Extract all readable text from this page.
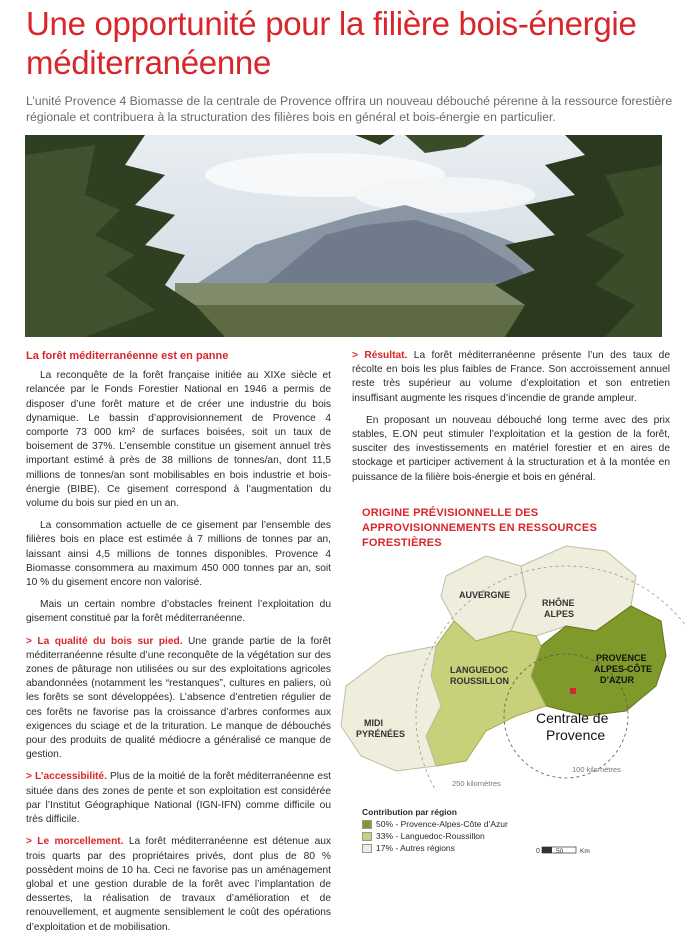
Une opportunité pour la filière bois-énergie méditerranéenne
L’unité Provence 4 Biomasse de la centrale de Provence offrira un nouveau débouché pérenne à la ressource forestière régionale et contribuera à la structuration des filières bois en général et bois-énergie en particulier.
La forêt méditerranéenne est en panne

La reconquête de la forêt française initiée au XIXe siècle et relancée par le Fonds Forestier National en 1946 a permis de disposer d’une forêt mature et de créer une industrie du bois dynamique. Le bassin d’approvisionnement de Provence 4 comporte 73 000 km² de surfaces boisées, soit un taux de boisement de 37%. L’ensemble constitue un gisement annuel très important estimé à près de 38 millions de tonnes/an, dont 11,5 millions de tonnes/an sont mobilisables en bois industrie et bois-énergie (BIBE). Ce gisement correspond à l’augmentation du volume du bois sur pied en un an.

La consommation actuelle de ce gisement par l’ensemble des filières bois en place est estimée à 7 millions de tonnes par an, laissant ainsi 4,5 millions de tonnes disponibles. Provence 4 Biomasse consommera au maximum 450 000 tonnes par an, soit 10 % du gisement encore non valorisé.

Mais un certain nombre d’obstacles freinent l’exploitation du gisement constitué par la forêt méditerranéenne.

> La qualité du bois sur pied. Une grande partie de la forêt méditerranéenne résulte d’une reconquête de la végétation sur des zones de pâturage non utilisées ou sur des exploitations agricoles abandonnées (notamment les “restanques”, cultures en paliers, où les forêts se sont développées). L’absence d’entretien régulier de ces forêts ne favorise pas la croissance d’arbres conformes aux exigences du sciage et de la trituration. Le manque de débouchés pour des produits de qualité médiocre a généralisé ce manque de gestion.

> L’accessibilité. Plus de la moitié de la forêt méditerranéenne est située dans des zones de pente et son exploitation est considérée par l’Institut Géographique National (IGN-IFN) comme difficile ou très difficile.

> Le morcellement. La forêt méditerranéenne est détenue aux trois quarts par des propriétaires privés, dont plus de 80 % possèdent moins de 10 ha. Ceci ne favorise pas un aménagement global et une gestion durable de la forêt avec l’implantation de dessertes, la réalisation de travaux d’amélioration et de renouvellement, et augmente sensiblement le coût des opérations d’exploitation et de mobilisation.

> Résultat. La forêt méditerranéenne présente l’un des taux de récolte en bois les plus faibles de France. Son accroissement annuel reste très supérieur au volume d’exploitation et son entretien insuffisant augmente les risques d’incendie de grande ampleur.

En proposant un nouveau débouché long terme avec des prix stables, E.ON peut stimuler l’exploitation et la gestion de la forêt, susciter des investissements en matériel forestier et en aires de stockage et participer activement à la structuration et à la montée en puissance de la filière bois-énergie et bois en général.

ORIGINE PRÉVISIONNELLE DES APPROVISIONNEMENTS EN RESSOURCES FORESTIÈRES
AUVERGNE
RHÔNE
ALPES
PROVENCE
ALPES-CÔTE
D’AZUR
LANGUEDOC
ROUSSILLON
MIDI
PYRÉNÉES
Centrale de
Provence
250 kilomètres
100 kilomètres
Contribution par région
50% - Provence-Alpes-Côte d’Azur
33% - Languedoc-Roussillon
17% - Autres régions	0 50	Km
